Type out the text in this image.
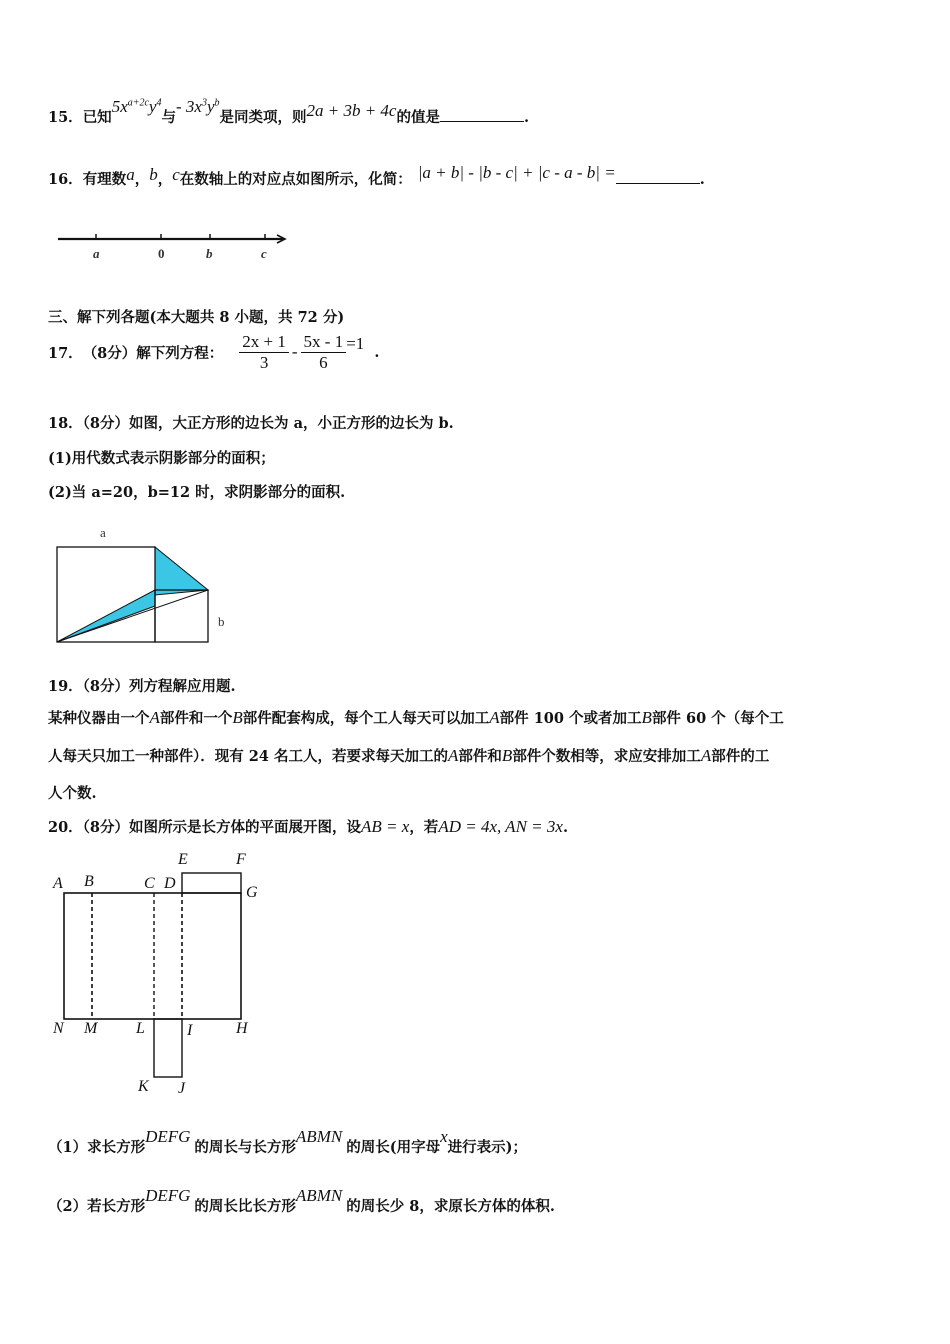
15．已知$5x^{a+2c}y^4$与- $3x^3y^b$是同类项，则2a + 3b + 4c的值是	.
16．有理数a，b，c在数轴上的对应点如图所示，化简： |a + b| - |b - c| + |c - a - b| =	.
a	0	b	c
三、解下列各题(本大题共 8 小题，共 72 分)
17． （8分）解下列方程： $\frac{2x + 1}{3} - \frac{5x - 1}{6} =1$ .
18．（8分）如图，大正方形的边长为 a，小正方形的边长为 b.
(1)用代数式表示阴影部分的面积；
(2)当 a=20，b=12 时，求阴影部分的面积.
a
b
19．（8分）列方程解应用题.
某种仪器由一个A部件和一个B部件配套构成，每个工人每天可以加工A部件 100 个或者加工B部件 60 个（每个工
人每天只加工一种部件）．现有 24 名工人，若要求每天加工的A部件和B部件个数相等，求应安排加工A部件的工
人个数.
20．（8分）如图所示是长方体的平面展开图，设AB = x，若AD = 4x, AN = 3x.
A B	C D
E	F
G
N M L	I	H
K J
（1）求长方形DEFG的周长与长方形ABMN的周长(用字母x进行表示)；
（2）若长方形DEFG的周长比长方形ABMN的周长少 8，求原长方体的体积.
